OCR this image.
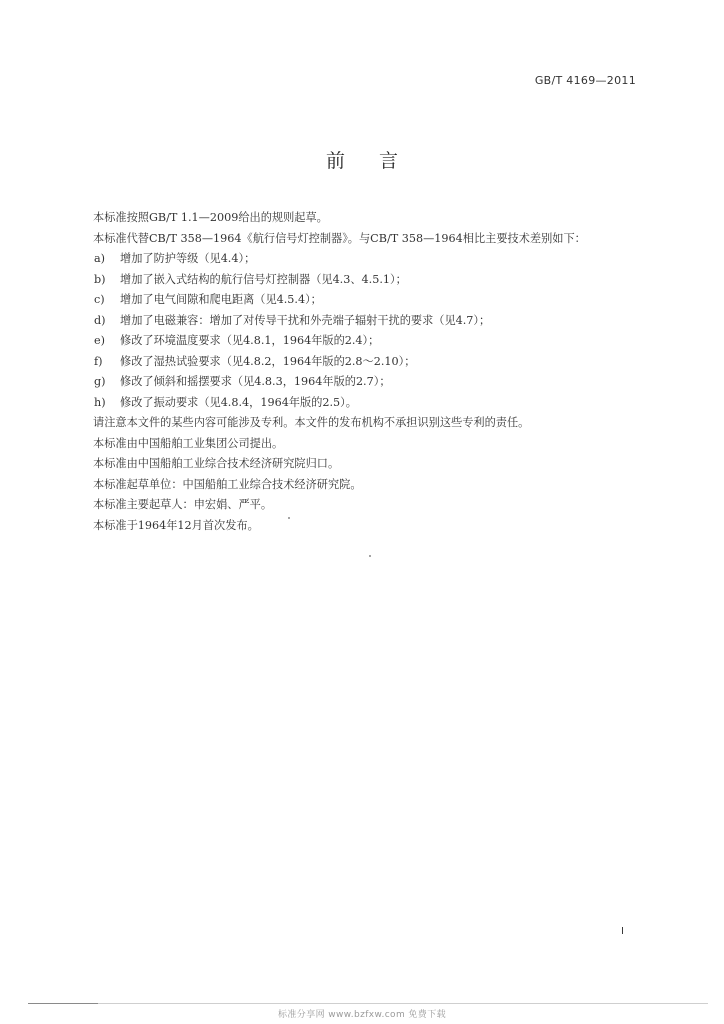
GB/T 4169—2011
前言
本标准按照GB/T 1.1—2009给出的规则起草。
本标准代替CB/T 358—1964《航行信号灯控制器》。与CB/T 358—1964相比主要技术差别如下：
a)	增加了防护等级（见4.4）；
b)	增加了嵌入式结构的航行信号灯控制器（见4.3、4.5.1）；
c)	增加了电气间隙和爬电距离（见4.5.4）；
d)	增加了电磁兼容：增加了对传导干扰和外壳端子辐射干扰的要求（见4.7）；
e)	修改了环境温度要求（见4.8.1，1964年版的2.4）；
f)	修改了湿热试验要求（见4.8.2，1964年版的2.8～2.10）；
g)	修改了倾斜和摇摆要求（见4.8.3，1964年版的2.7）；
h)	修改了振动要求（见4.8.4，1964年版的2.5）。
请注意本文件的某些内容可能涉及专利。本文件的发布机构不承担识别这些专利的责任。
本标准由中国船舶工业集团公司提出。
本标准由中国船舶工业综合技术经济研究院归口。
本标准起草单位：中国船舶工业综合技术经济研究院。
本标准主要起草人：申宏娟、严平。
本标准于1964年12月首次发布。
I
标准分享网 www.bzfxw.com 免费下载
